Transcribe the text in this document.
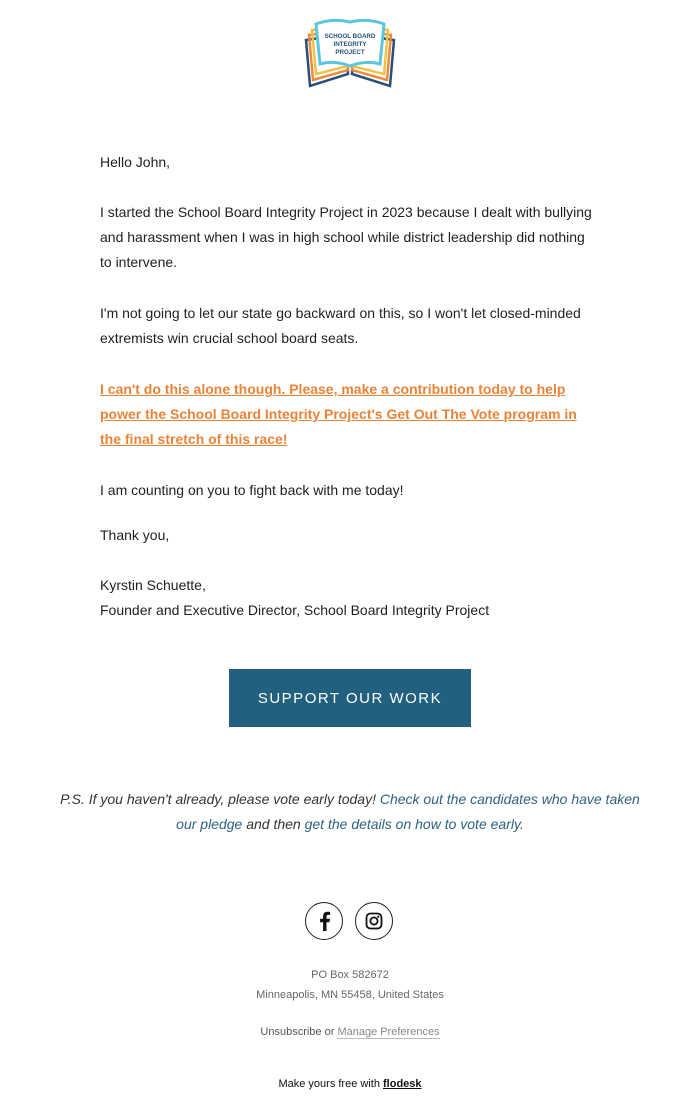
SCHOOL BOARD
INTEGRITY
PROJECT

Hello John,

I started the School Board Integrity Project in 2023 because I dealt with bullying and harassment when I was in high school while district leadership did nothing to intervene.

I'm not going to let our state go backward on this, so I won't let closed-minded extremists win crucial school board seats.

I can't do this alone though. Please, make a contribution today to help power the School Board Integrity Project's Get Out The Vote program in the final stretch of this race!

I am counting on you to fight back with me today!

Thank you,

Kyrstin Schuette,

Founder and Executive Director, School Board Integrity Project

SUPPORT OUR WORK
P.S. If you haven't already, please vote early today! Check out the candidates who have taken our pledge and then get the details on how to vote early.
PO Box 582672
Minneapolis, MN 55458, United States
Unsubscribe or Manage Preferences
Make yours free with flodesk
